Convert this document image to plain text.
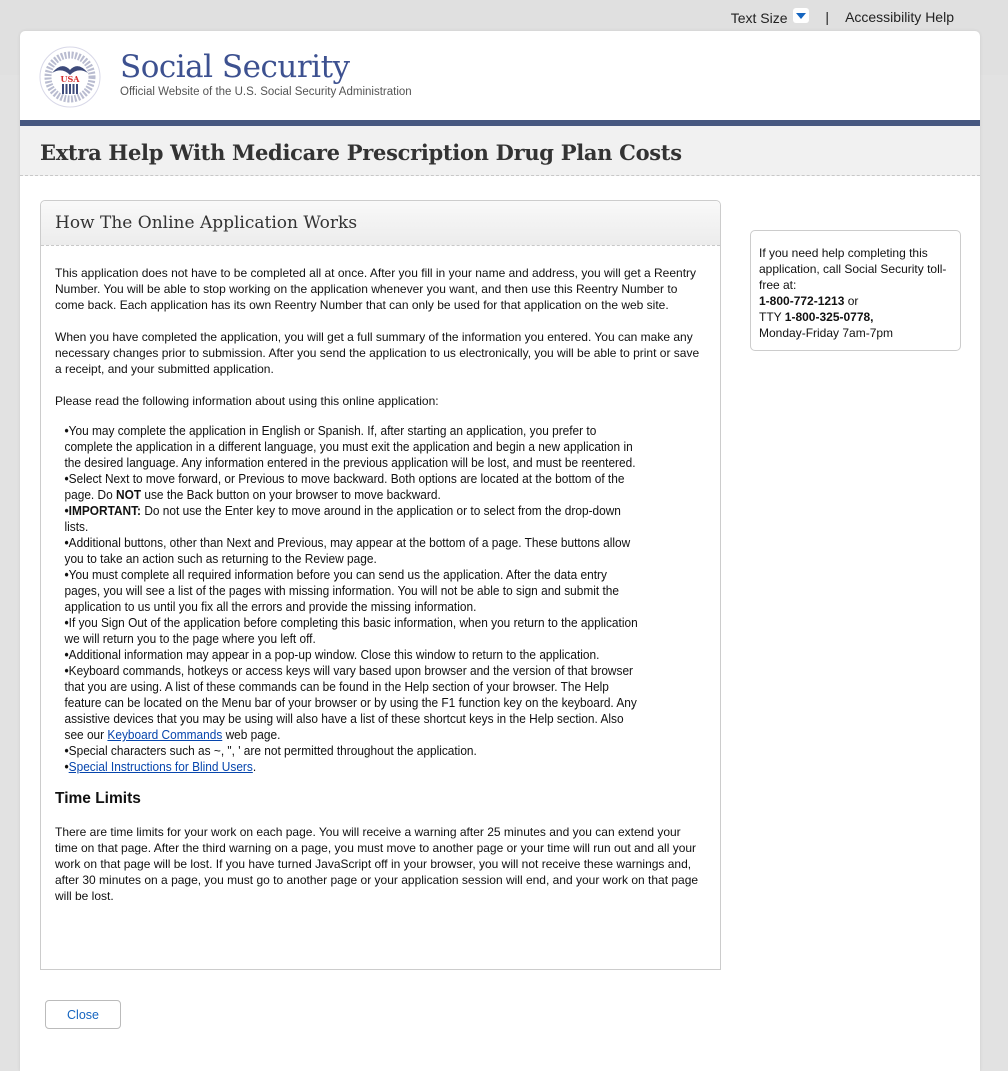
Text Size	| Accessibility Help
USA Social Security
Official Website of the U.S. Social Security Administration
Extra Help With Medicare Prescription Drug Plan Costs
How The Online Application Works

This application does not have to be completed all at once. After you fill in your name and address, you will get a Reentry Number. You will be able to stop working on the application whenever you want, and then use this Reentry Number to come back. Each application has its own Reentry Number that can only be used for that application on the web site.

When you have completed the application, you will get a full summary of the information you entered. You can make any necessary changes prior to submission. After you send the application to us electronically, you will be able to print or save a receipt, and your submitted application.

Please read the following information about using this online application:

• You may complete the application in English or Spanish. If, after starting an application, you prefer to complete the application in a different language, you must exit the application and begin a new application in the desired language. Any information entered in the previous application will be lost, and must be reentered.
• Select Next to move forward, or Previous to move backward. Both options are located at the bottom of the page. Do NOT use the Back button on your browser to move backward.
• IMPORTANT: Do not use the Enter key to move around in the application or to select from the drop-down lists.
• Additional buttons, other than Next and Previous, may appear at the bottom of a page. These buttons allow you to take an action such as returning to the Review page.
• You must complete all required information before you can send us the application. After the data entry pages, you will see a list of the pages with missing information. You will not be able to sign and submit the application to us until you fix all the errors and provide the missing information.
• If you Sign Out of the application before completing this basic information, when you return to the application we will return you to the page where you left off.
• Additional information may appear in a pop-up window. Close this window to return to the application.
• Keyboard commands, hotkeys or access keys will vary based upon browser and the version of that browser that you are using. A list of these commands can be found in the Help section of your browser. The Help feature can be located on the Menu bar of your browser or by using the F1 function key on the keyboard. Any assistive devices that you may be using will also have a list of these shortcut keys in the Help section. Also see our Keyboard Commands web page.
• Special characters such as ~, ", ' are not permitted throughout the application.
• Special Instructions for Blind Users.
Time Limits

There are time limits for your work on each page. You will receive a warning after 25 minutes and you can extend your time on that page. After the third warning on a page, you must move to another page or your time will run out and all your work on that page will be lost. If you have turned JavaScript off in your browser, you will not receive these warnings and, after 30 minutes on a page, you must go to another page or your application session will end, and your work on that page will be lost.

If you need help completing this application, call Social Security toll-free at:
1-800-772-1213 or
TTY 1-800-325-0778,
Monday-Friday 7am-7pm
Close
